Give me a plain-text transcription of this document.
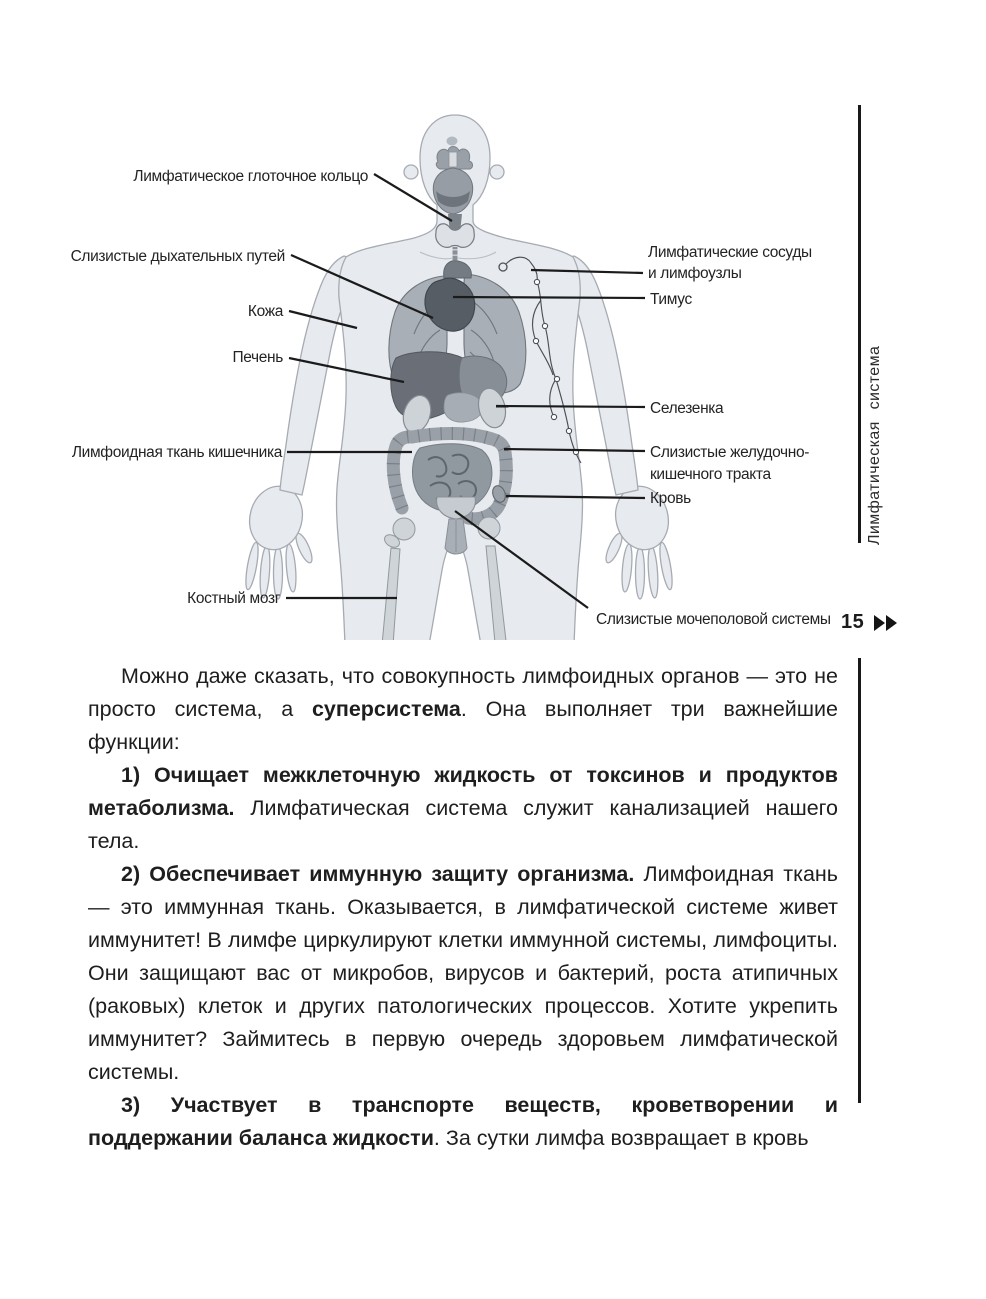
Лимфатическое глоточное кольцо
Слизистые дыхательных путей
Кожа
Печень
Лимфоидная ткань кишечника
Костный мозг
Лимфатические сосуды
и лимфоузлы
Тимус
Селезенка
Слизистые желудочно-
кишечного тракта
Кровь
Слизистые мочеполовой системы
Лимфатическая система
15

Можно даже сказать, что совокупность лимфоидных органов — это не просто система, а суперсистема. Она выполняет три важнейшие функции:

1) Очищает межклеточную жидкость от токсинов и продуктов метаболизма. Лимфатическая система служит канализацией нашего тела.

2) Обеспечивает иммунную защиту организма. Лимфоидная ткань — это иммунная ткань. Оказывается, в лимфатической системе живет иммунитет! В лимфе циркулируют клетки иммунной системы, лимфоциты. Они защищают вас от микробов, вирусов и бактерий, роста атипичных (раковых) клеток и других патологических процессов. Хотите укрепить иммунитет? Займитесь в первую очередь здоровьем лимфатической системы.

3) Участвует в транспорте веществ, кроветворении и поддержании баланса жидкости. За сутки лимфа возвращает в кровь
